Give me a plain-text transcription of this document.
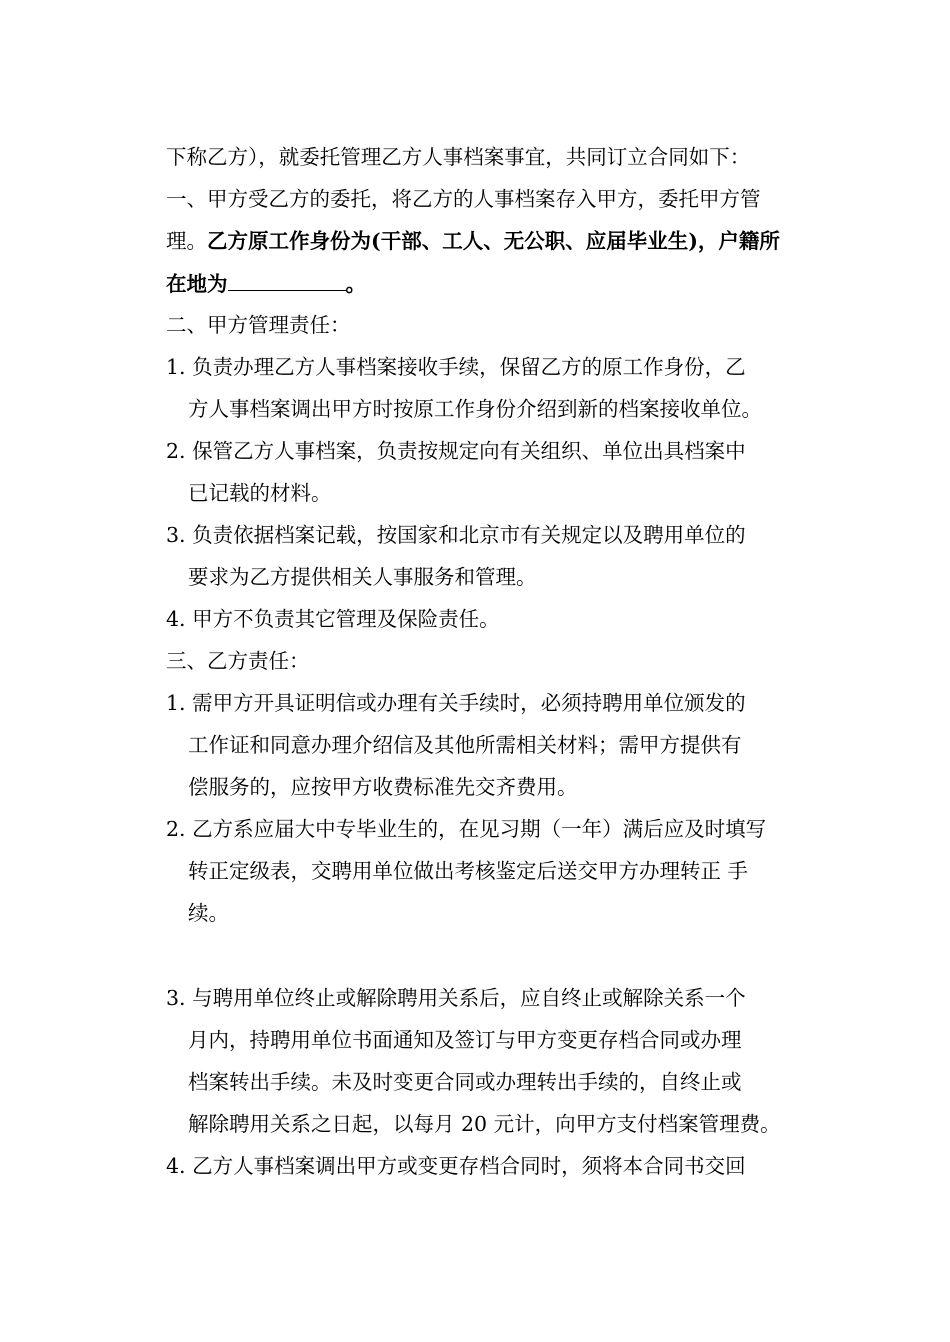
下称乙方），就委托管理乙方人事档案事宜，共同订立合同如下：
一、甲方受乙方的委托，将乙方的人事档案存入甲方，委托甲方管
理。乙方原工作身份为(干部、工人、无公职、应届毕业生)，户籍所
在地为	。
二、甲方管理责任：
1. 负责办理乙方人事档案接收手续，保留乙方的原工作身份，乙
方人事档案调出甲方时按原工作身份介绍到新的档案接收单位。
2. 保管乙方人事档案，负责按规定向有关组织、单位出具档案中
已记载的材料。
3. 负责依据档案记载，按国家和北京市有关规定以及聘用单位的
要求为乙方提供相关人事服务和管理。
4. 甲方不负责其它管理及保险责任。
三、乙方责任：
1. 需甲方开具证明信或办理有关手续时，必须持聘用单位颁发的
工作证和同意办理介绍信及其他所需相关材料；需甲方提供有
偿服务的，应按甲方收费标准先交齐费用。
2. 乙方系应届大中专毕业生的，在见习期（一年）满后应及时填写
转正定级表，交聘用单位做出考核鉴定后送交甲方办理转正 手
续。
3. 与聘用单位终止或解除聘用关系后，应自终止或解除关系一个
月内，持聘用单位书面通知及签订与甲方变更存档合同或办理
档案转出手续。未及时变更合同或办理转出手续的，自终止或
解除聘用关系之日起，以每月 20 元计，向甲方支付档案管理费。
4. 乙方人事档案调出甲方或变更存档合同时，须将本合同书交回
